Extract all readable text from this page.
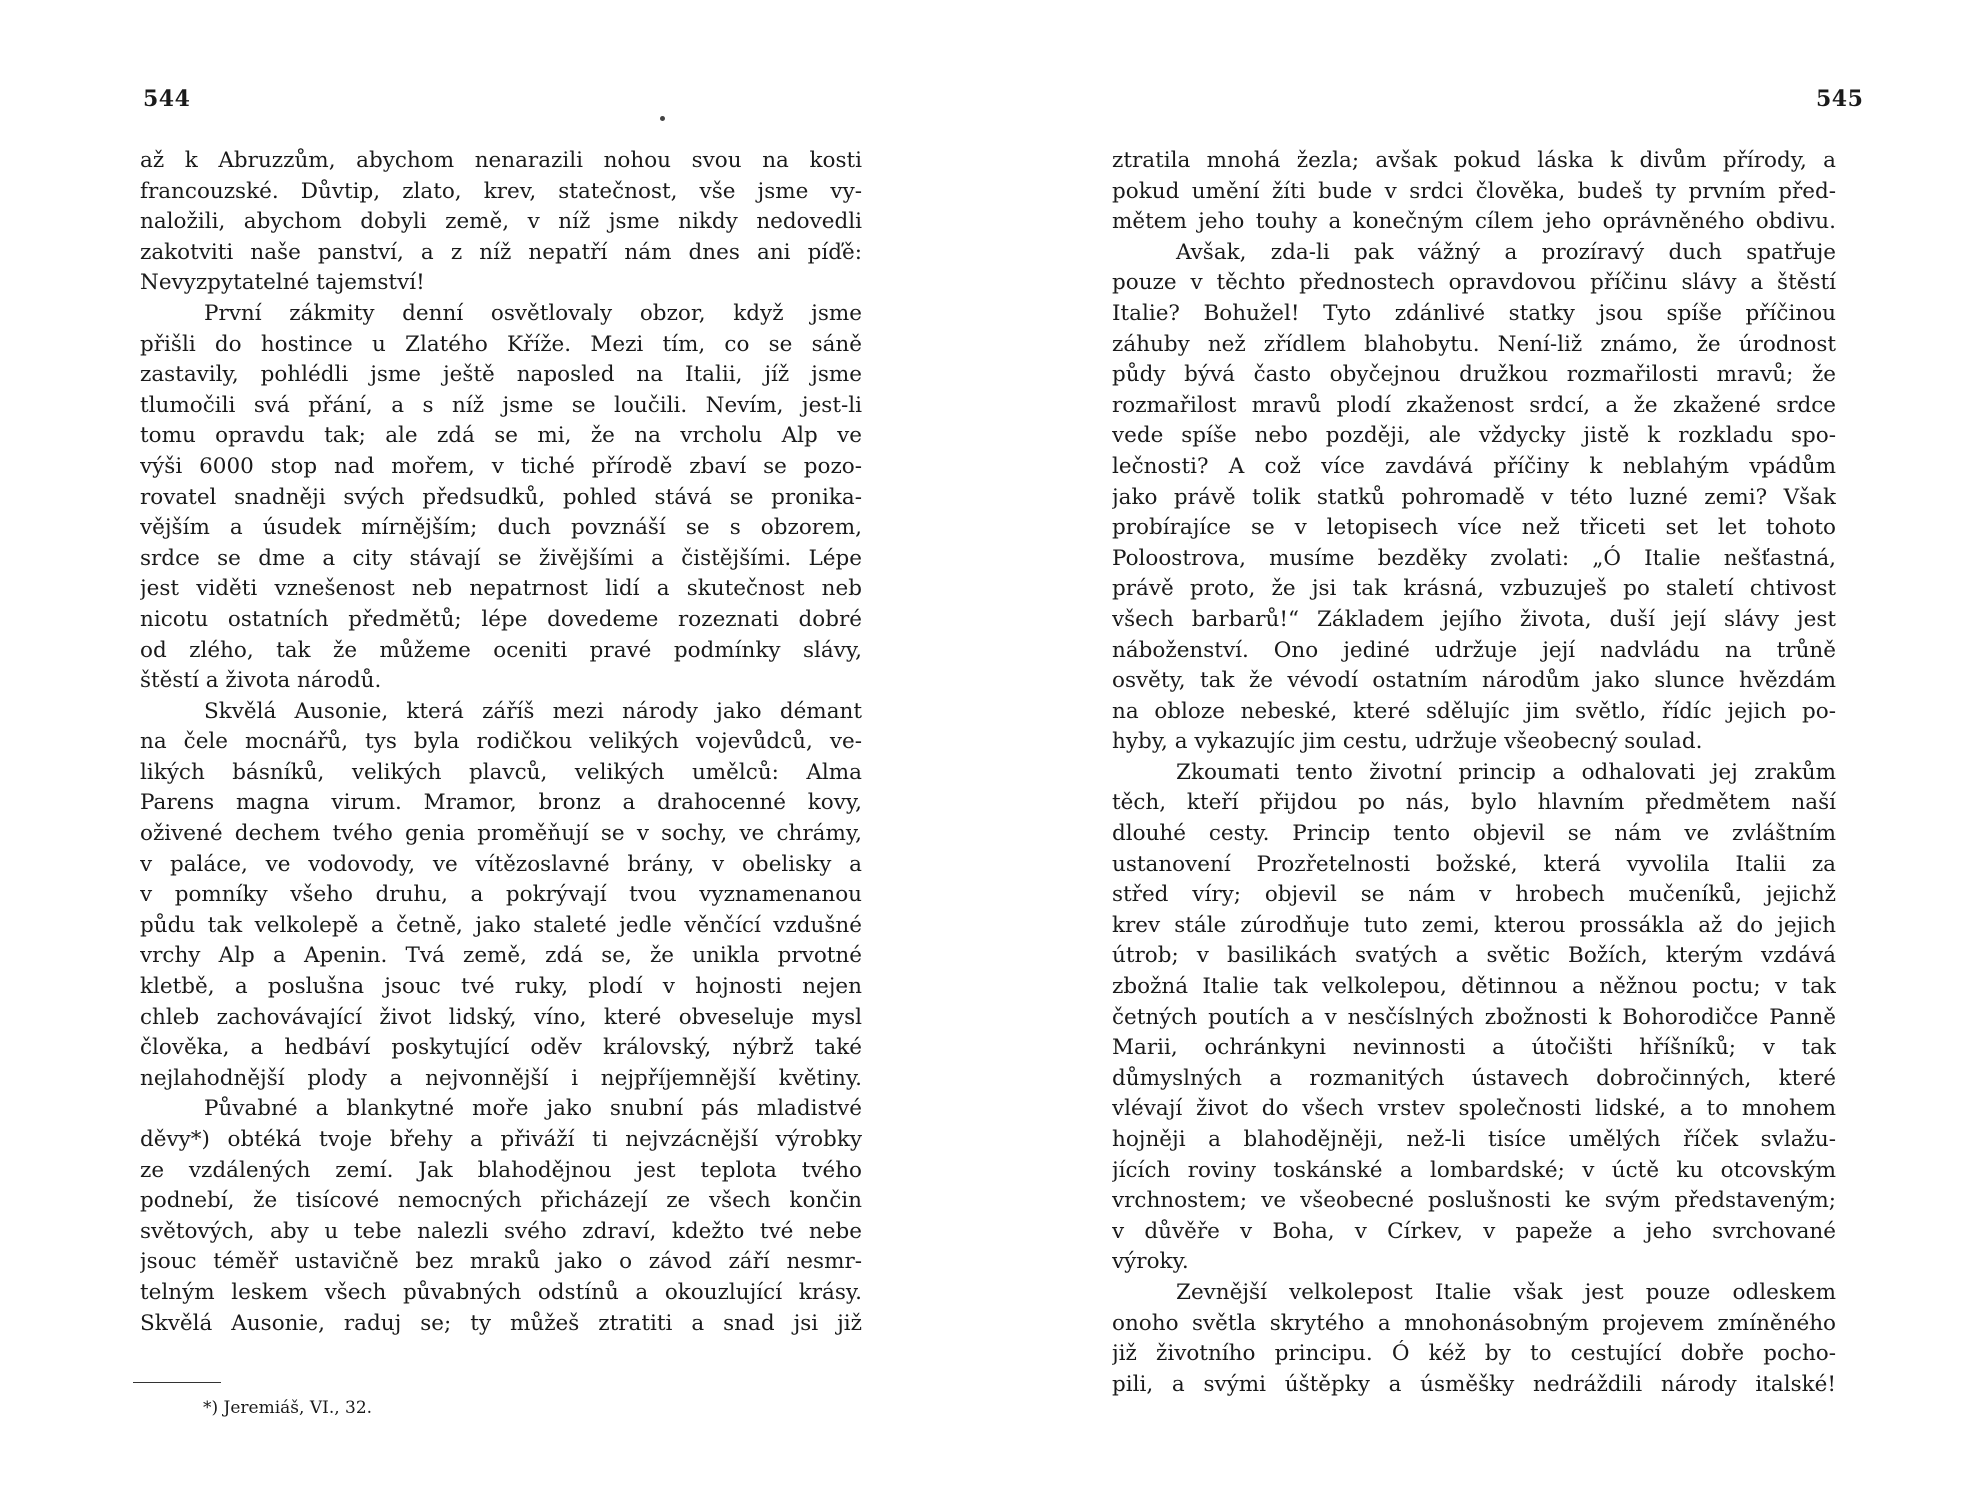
544
až k Abruzzům, abychom nenarazili nohou svou na kosti
francouzské. Důvtip, zlato, krev, statečnost, vše jsme vy-
naložili, abychom dobyli země, v níž jsme nikdy nedovedli
zakotviti naše panství, a z níž nepatří nám dnes ani píďě:
Nevyzpytatelné tajemství!
První zákmity denní osvětlovaly obzor, když jsme
přišli do hostince u Zlatého Kříže. Mezi tím, co se sáně
zastavily, pohlédli jsme ještě naposled na Italii, jíž jsme
tlumočili svá přání, a s níž jsme se loučili. Nevím, jest-li
tomu opravdu tak; ale zdá se mi, že na vrcholu Alp ve
výši 6000 stop nad mořem, v tiché přírodě zbaví se pozo-
rovatel snadněji svých předsudků, pohled stává se pronika-
vějším a úsudek mírnějším; duch povznáší se s obzorem,
srdce se dme a city stávají se živějšími a čistějšími. Lépe
jest viděti vznešenost neb nepatrnost lidí a skutečnost neb
nicotu ostatních předmětů; lépe dovedeme rozeznati dobré
od zlého, tak že můžeme oceniti pravé podmínky slávy,
štěstí a života národů.
Skvělá Ausonie, která záříš mezi národy jako démant
na čele mocnářů, tys byla rodičkou velikých vojevůdců, ve-
likých básníků, velikých plavců, velikých umělců: Alma
Parens magna virum. Mramor, bronz a drahocenné kovy,
oživené dechem tvého genia proměňují se v sochy, ve chrámy,
v paláce, ve vodovody, ve vítězoslavné brány, v obelisky a
v pomníky všeho druhu, a pokrývají tvou vyznamenanou
půdu tak velkolepě a četně, jako staleté jedle věnčící vzdušné
vrchy Alp a Apenin. Tvá země, zdá se, že unikla prvotné
kletbě, a poslušna jsouc tvé ruky, plodí v hojnosti nejen
chleb zachovávající život lidský, víno, které obveseluje mysl
člověka, a hedbáví poskytující oděv královský, nýbrž také
nejlahodnější plody a nejvonnější i nejpříjemnější květiny.
Půvabné a blankytné moře jako snubní pás mladistvé
děvy*) obtéká tvoje břehy a přiváží ti nejvzácnější výrobky
ze vzdálených zemí. Jak blahodějnou jest teplota tvého
podnebí, že tisícové nemocných přicházejí ze všech končin
světových, aby u tebe nalezli svého zdraví, kdežto tvé nebe
jsouc téměř ustavičně bez mraků jako o závod září nesmr-
telným leskem všech půvabných odstínů a okouzlující krásy.
Skvělá Ausonie, raduj se; ty můžeš ztratiti a snad jsi již
*) Jeremiáš, VI., 32.
545
ztratila mnohá žezla; avšak pokud láska k divům přírody, a
pokud umění žíti bude v srdci člověka, budeš ty prvním před-
mětem jeho touhy a konečným cílem jeho oprávněného obdivu.
Avšak, zda-li pak vážný a prozíravý duch spatřuje
pouze v těchto přednostech opravdovou příčinu slávy a štěstí
Italie? Bohužel! Tyto zdánlivé statky jsou spíše příčinou
záhuby než zřídlem blahobytu. Není-liž známo, že úrodnost
půdy bývá často obyčejnou družkou rozmařilosti mravů; že
rozmařilost mravů plodí zkaženost srdcí, a že zkažené srdce
vede spíše nebo později, ale vždycky jistě k rozkladu spo-
lečnosti? A což více zavdává příčiny k neblahým vpádům
jako právě tolik statků pohromadě v této luzné zemi? Však
probírajíce se v letopisech více než třiceti set let tohoto
Poloostrova, musíme bezděky zvolati: „Ó Italie nešťastná,
právě proto, že jsi tak krásná, vzbuzuješ po staletí chtivost
všech barbarů!“ Základem jejího života, duší její slávy jest
náboženství. Ono jediné udržuje její nadvládu na trůně
osvěty, tak že vévodí ostatním národům jako slunce hvězdám
na obloze nebeské, které sdělujíc jim světlo, řídíc jejich po-
hyby, a vykazujíc jim cestu, udržuje všeobecný soulad.
Zkoumati tento životní princip a odhalovati jej zrakům
těch, kteří přijdou po nás, bylo hlavním předmětem naší
dlouhé cesty. Princip tento objevil se nám ve zvláštním
ustanovení Prozřetelnosti božské, která vyvolila Italii za
střed víry; objevil se nám v hrobech mučeníků, jejichž
krev stále zúrodňuje tuto zemi, kterou prossákla až do jejich
útrob; v basilikách svatých a světic Božích, kterým vzdává
zbožná Italie tak velkolepou, dětinnou a něžnou poctu; v tak
četných poutích a v nesčíslných zbožnosti k Bohorodičce Panně
Marii, ochránkyni nevinnosti a útočišti hříšníků; v tak
důmyslných a rozmanitých ústavech dobročinných, které
vlévají život do všech vrstev společnosti lidské, a to mnohem
hojněji a blahodějněji, než-li tisíce umělých říček svlažu-
jících roviny toskánské a lombardské; v úctě ku otcovským
vrchnostem; ve všeobecné poslušnosti ke svým představeným;
v důvěře v Boha, v Církev, v papeže a jeho svrchované
výroky.
Zevnější velkolepost Italie však jest pouze odleskem
onoho světla skrytého a mnohonásobným projevem zmíněného
již životního principu. Ó kéž by to cestující dobře pocho-
pili, a svými úštěpky a úsměšky nedráždili národy italské!
